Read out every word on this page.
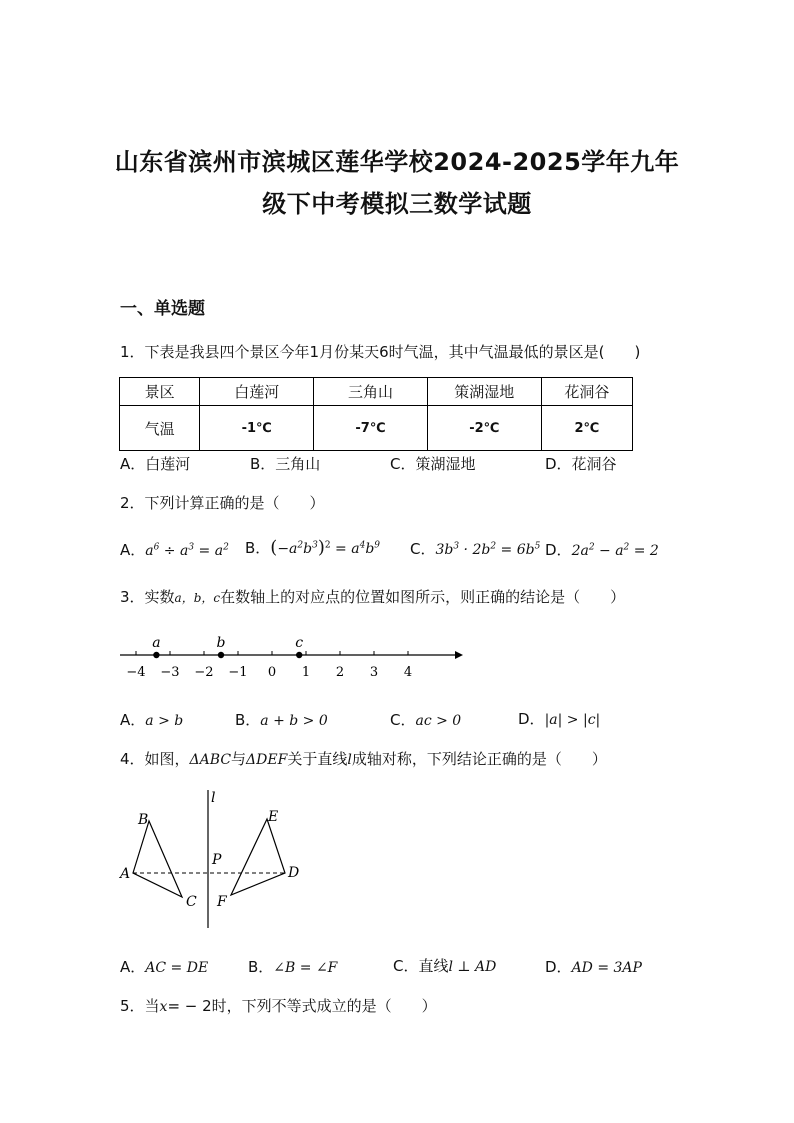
山东省滨州市滨城区莲华学校2024-2025学年九年
级下中考模拟三数学试题
一、单选题
1．下表是我县四个景区今年1月份某天6时气温，其中气温最低的景区是(　　)
景区	白莲河	三角山	策湖湿地	花洞谷
气温	-1℃	-7℃	-2℃	2℃
A．白莲河	B．三角山	C．策湖湿地	D．花洞谷
2．下列计算正确的是（　　）
A．$a^6 \div a^3 = a^2$ B．$(-a^2b^3)^2 = a^4b^9$ C．$3b^3 \cdot 2b^2 = 6b^5$ D．$2a^2 - a^2 = 2$
3．实数a，b，c在数轴上的对应点的位置如图所示，则正确的结论是（　　）
−4 −3 −2 −1 0 1 2 3 4
a	b	c
A．a > b	B．a + b > 0	C．ac > 0	D．|a| > |c|
4．如图，ΔABC与ΔDEF关于直线l成轴对称，下列结论正确的是（　　）
l
B
A
C
P
E
D
F
A．AC = DE	B．∠B = ∠F	C．直线l ⊥ AD	D．AD = 3AP
5．当x= − 2时，下列不等式成立的是（　　）
